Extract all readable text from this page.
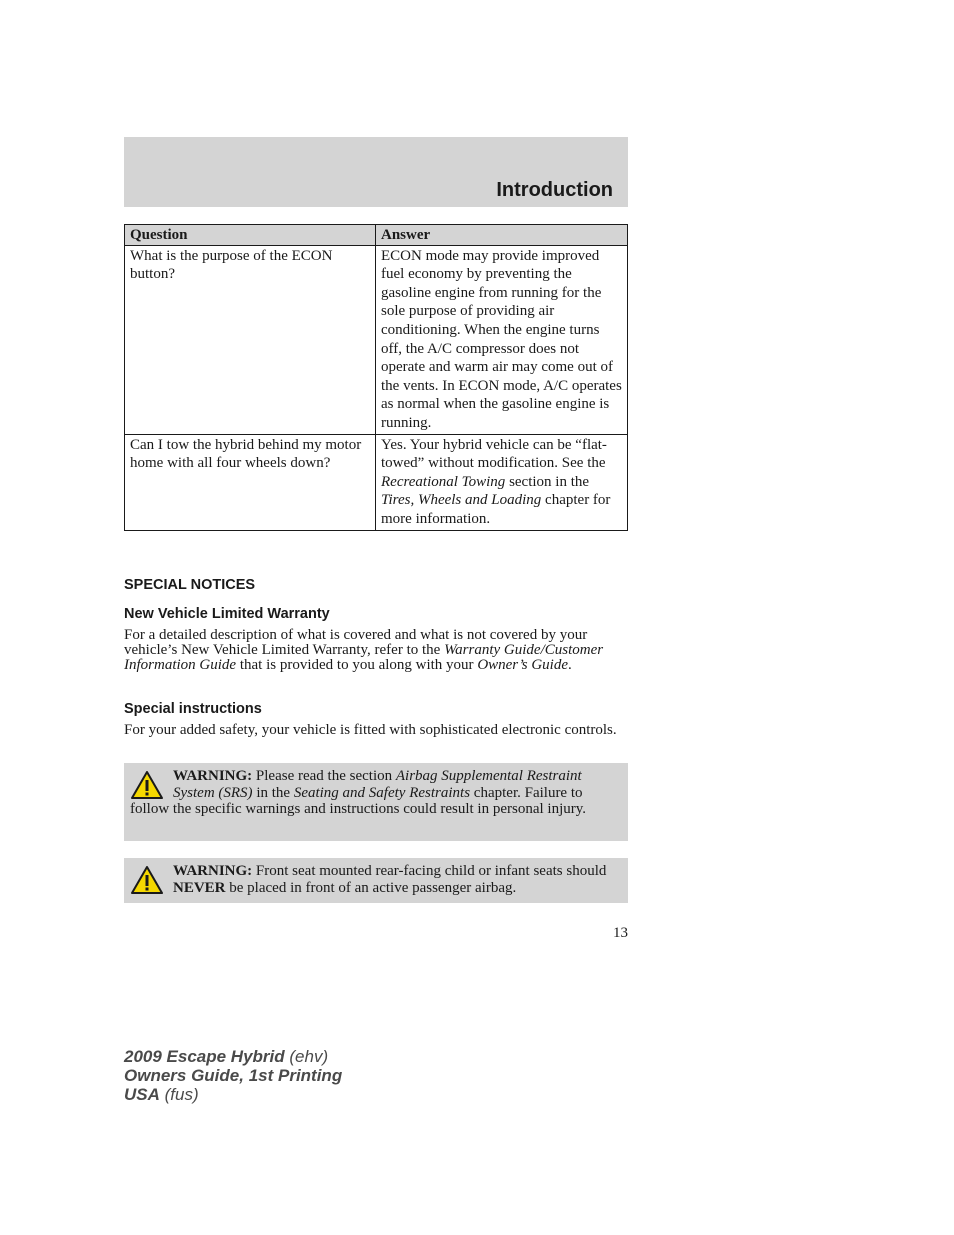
Introduction
Question	Answer
What is the purpose of the ECON button?	ECON mode may provide improved fuel economy by preventing the gasoline engine from running for the sole purpose of providing air conditioning. When the engine turns off, the A/C compressor does not operate and warm air may come out of the vents. In ECON mode, A/C operates as normal when the gasoline engine is running.
Can I tow the hybrid behind my motor home with all four wheels down?	Yes. Your hybrid vehicle can be “flat-towed” without modification. See the Recreational Towing section in the Tires, Wheels and Loading chapter for more information.

SPECIAL NOTICES

New Vehicle Limited Warranty

For a detailed description of what is covered and what is not covered by your vehicle’s New Vehicle Limited Warranty, refer to the Warranty Guide/Customer Information Guide that is provided to you along with your Owner’s Guide.

Special instructions

For your added safety, your vehicle is fitted with sophisticated electronic controls.

WARNING: Please read the section Airbag Supplemental Restraint System (SRS) in the Seating and Safety Restraints chapter. Failure to follow the specific warnings and instructions could result in personal injury.
WARNING: Front seat mounted rear-facing child or infant seats should NEVER be placed in front of an active passenger airbag.
13
2009 Escape Hybrid (ehv)
Owners Guide, 1st Printing
USA (fus)
